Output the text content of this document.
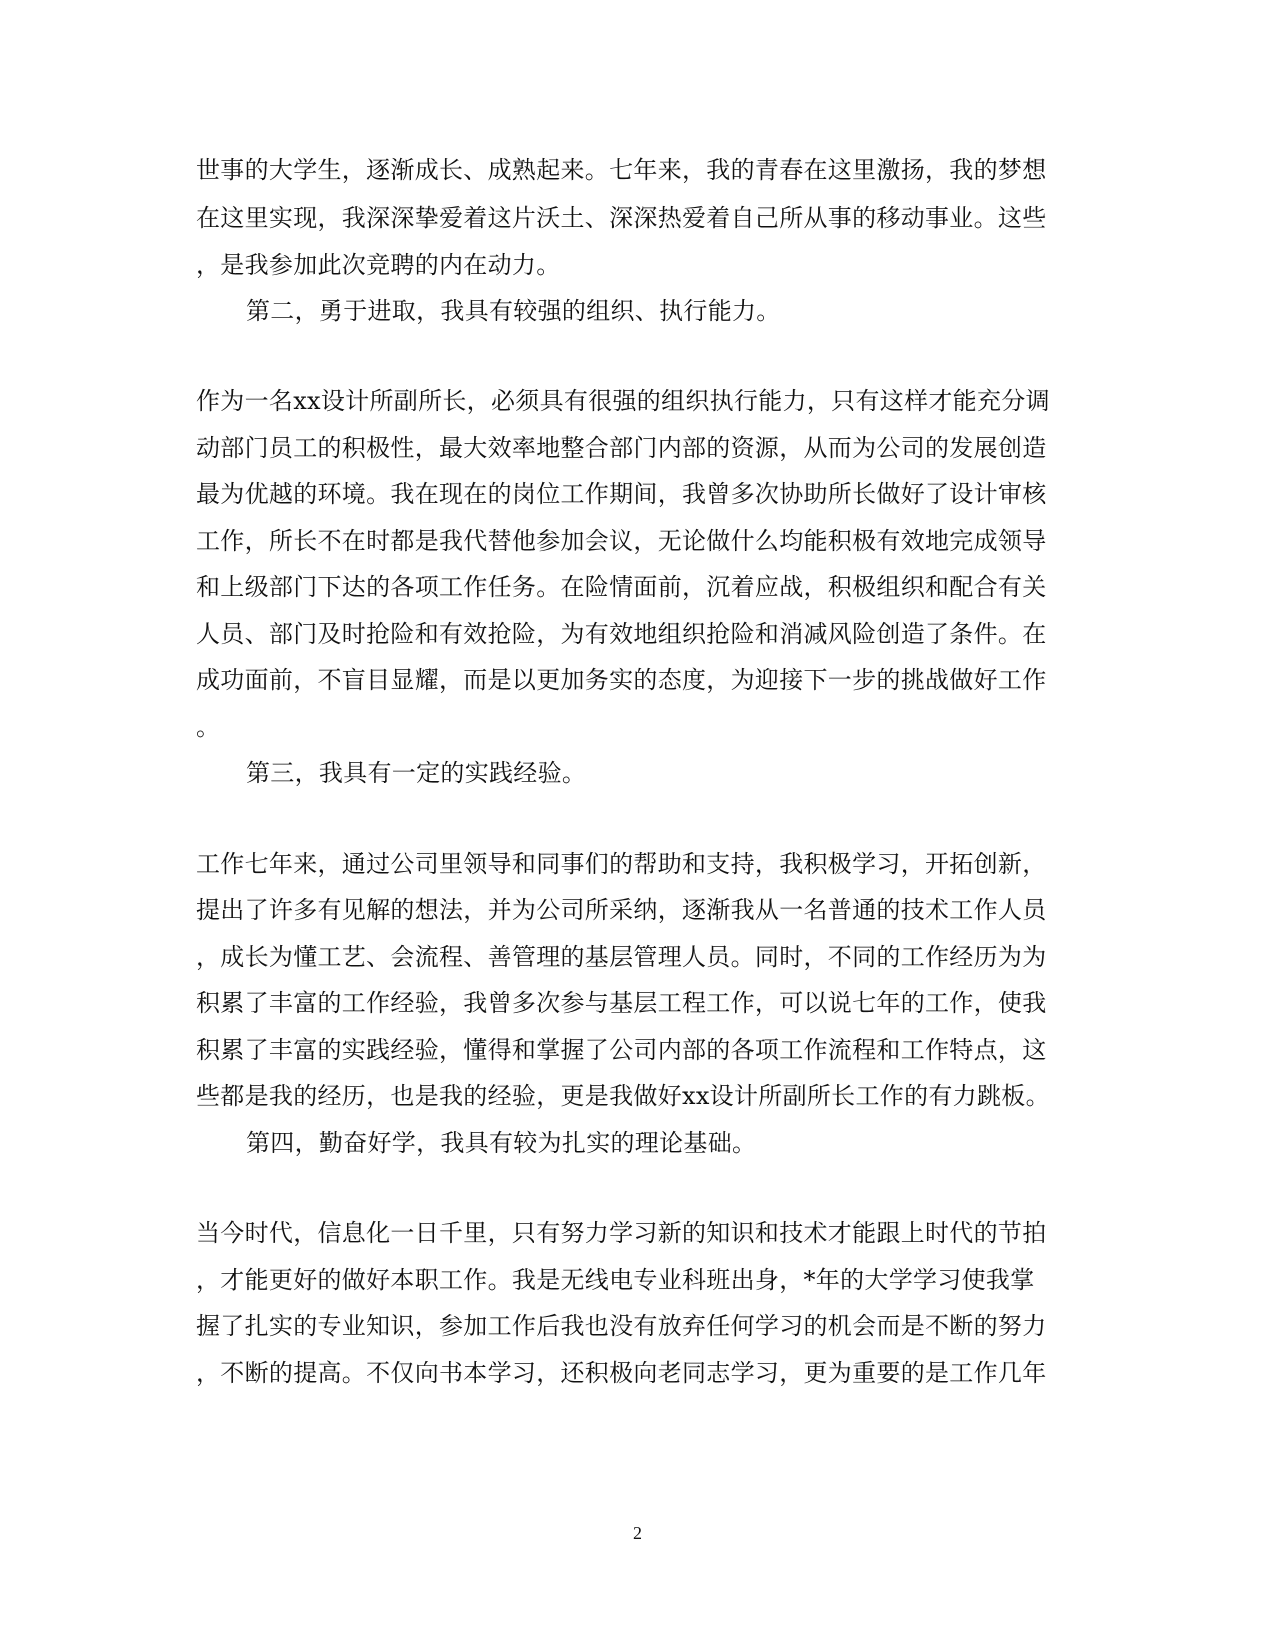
世事的大学生，逐渐成长、成熟起来。七年来，我的青春在这里激扬，我的梦想
在这里实现，我深深挚爱着这片沃土、深深热爱着自己所从事的移动事业。这些
，是我参加此次竞聘的内在动力。
第二，勇于进取，我具有较强的组织、执行能力。
作为一名xx设计所副所长，必须具有很强的组织执行能力，只有这样才能充分调
动部门员工的积极性，最大效率地整合部门内部的资源，从而为公司的发展创造
最为优越的环境。我在现在的岗位工作期间，我曾多次协助所长做好了设计审核
工作，所长不在时都是我代替他参加会议，无论做什么均能积极有效地完成领导
和上级部门下达的各项工作任务。在险情面前，沉着应战，积极组织和配合有关
人员、部门及时抢险和有效抢险，为有效地组织抢险和消减风险创造了条件。在
成功面前，不盲目显耀，而是以更加务实的态度，为迎接下一步的挑战做好工作
。
第三，我具有一定的实践经验。
工作七年来，通过公司里领导和同事们的帮助和支持，我积极学习，开拓创新，
提出了许多有见解的想法，并为公司所采纳，逐渐我从一名普通的技术工作人员
，成长为懂工艺、会流程、善管理的基层管理人员。同时，不同的工作经历为为
积累了丰富的工作经验，我曾多次参与基层工程工作，可以说七年的工作，使我
积累了丰富的实践经验，懂得和掌握了公司内部的各项工作流程和工作特点，这
些都是我的经历，也是我的经验，更是我做好xx设计所副所长工作的有力跳板。
第四，勤奋好学，我具有较为扎实的理论基础。
当今时代，信息化一日千里，只有努力学习新的知识和技术才能跟上时代的节拍
，才能更好的做好本职工作。我是无线电专业科班出身，*年的大学学习使我掌
握了扎实的专业知识，参加工作后我也没有放弃任何学习的机会而是不断的努力
，不断的提高。不仅向书本学习，还积极向老同志学习，更为重要的是工作几年
2
